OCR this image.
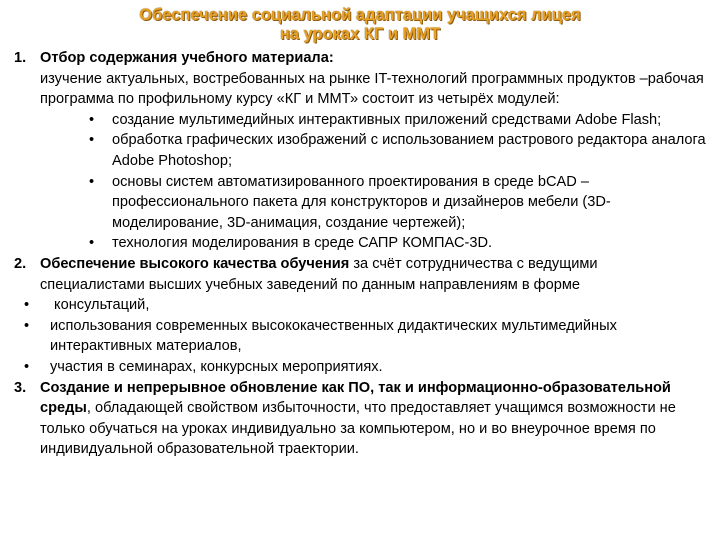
Обеспечение социальной адаптации учащихся лицея
на уроках КГ и ММТ
1. Отбор содержания учебного материала:
изучение актуальных, востребованных на рынке IT-технологий программных продуктов –рабочая программа по профильному курсу «КГ и ММТ» состоит из четырёх модулей:
• создание мультимедийных интерактивных приложений средствами Adobe Flash;
• обработка графических изображений с использованием растрового редактора аналога Adobe Photoshop;
• основы систем автоматизированного проектирования в среде bCAD – профессионального пакета для конструкторов и дизайнеров мебели (3D-моделирование, 3D-анимация, создание чертежей);
• технология моделирования в среде САПР КОМПАС-3D.
2. Обеспечение высокого качества обучения за счёт сотрудничества с ведущими специалистами высших учебных заведений по данным направлениям в форме
• консультаций,
• использования современных высококачественных дидактических мультимедийных интерактивных материалов,
• участия в семинарах, конкурсных мероприятиях.
3. Создание и непрерывное обновление как ПО, так и информационно-образовательной среды, обладающей свойством избыточности, что предоставляет учащимся возможности не только обучаться на уроках индивидуально за компьютером, но и во внеурочное время по индивидуальной образовательной траектории.
